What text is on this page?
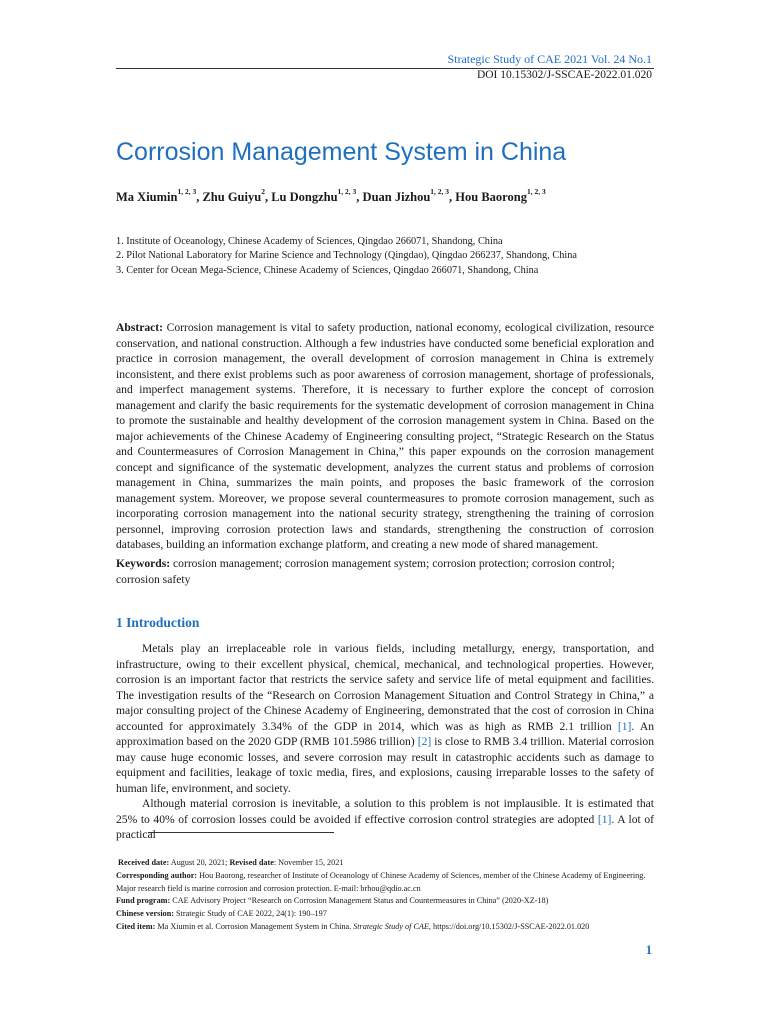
Strategic Study of CAE 2021 Vol. 24 No.1
DOI 10.15302/J-SSCAE-2022.01.020
Corrosion Management System in China
Ma Xiumin$^{1, 2, 3}$, Zhu Guiyu$^2$, Lu Dongzhu$^{1, 2, 3}$, Duan Jizhou$^{1, 2, 3}$, Hou Baorong$^{1, 2, 3}$
1. Institute of Oceanology, Chinese Academy of Sciences, Qingdao 266071, Shandong, China
2. Pilot National Laboratory for Marine Science and Technology (Qingdao), Qingdao 266237, Shandong, China
3. Center for Ocean Mega-Science, Chinese Academy of Sciences, Qingdao 266071, Shandong, China
Abstract: Corrosion management is vital to safety production, national economy, ecological civilization, resource conservation, and national construction. Although a few industries have conducted some beneficial exploration and practice in corrosion management, the overall development of corrosion management in China is extremely inconsistent, and there exist problems such as poor awareness of corrosion management, shortage of professionals, and imperfect management systems. Therefore, it is necessary to further explore the concept of corrosion management and clarify the basic requirements for the systematic development of corrosion management in China to promote the sustainable and healthy development of the corrosion management system in China. Based on the major achievements of the Chinese Academy of Engineering consulting project, “Strategic Research on the Status and Countermeasures of Corrosion Management in China,” this paper expounds on the corrosion management concept and significance of the systematic development, analyzes the current status and problems of corrosion management in China, summarizes the main points, and proposes the basic framework of the corrosion management system. Moreover, we propose several countermeasures to promote corrosion management, such as incorporating corrosion management into the national security strategy, strengthening the training of corrosion personnel, improving corrosion protection laws and standards, strengthening the construction of corrosion databases, building an information exchange platform, and creating a new mode of shared management.
Keywords: corrosion management; corrosion management system; corrosion protection; corrosion control; corrosion safety
1 Introduction

Metals play an irreplaceable role in various fields, including metallurgy, energy, transportation, and infrastructure, owing to their excellent physical, chemical, mechanical, and technological properties. However, corrosion is an important factor that restricts the service safety and service life of metal equipment and facilities. The investigation results of the “Research on Corrosion Management Situation and Control Strategy in China,” a major consulting project of the Chinese Academy of Engineering, demonstrated that the cost of corrosion in China accounted for approximately 3.34% of the GDP in 2014, which was as high as RMB 2.1 trillion [1]. An approximation based on the 2020 GDP (RMB 101.5986 trillion) [2] is close to RMB 3.4 trillion. Material corrosion may cause huge economic losses, and severe corrosion may result in catastrophic accidents such as damage to equipment and facilities, leakage of toxic media, fires, and explosions, causing irreparable losses to the safety of human life, environment, and society.

Although material corrosion is inevitable, a solution to this problem is not implausible. It is estimated that 25% to 40% of corrosion losses could be avoided if effective corrosion control strategies are adopted [1]. A lot of practical

Received date: August 20, 2021; Revised date: November 15, 2021
Corresponding author: Hou Baorong, researcher of Institute of Oceanology of Chinese Academy of Sciences, member of the Chinese Academy of Engineering. Major research field is marine corrosion and corrosion protection. E-mail: brhou@qdio.ac.cn
Fund program: CAE Advisory Project “Research on Corrosion Management Status and Countermeasures in China” (2020-XZ-18)
Chinese version: Strategic Study of CAE 2022, 24(1): 190–197
Cited item: Ma Xiumin et al. Corrosion Management System in China. Strategic Study of CAE, https://doi.org/10.15302/J-SSCAE-2022.01.020
1
